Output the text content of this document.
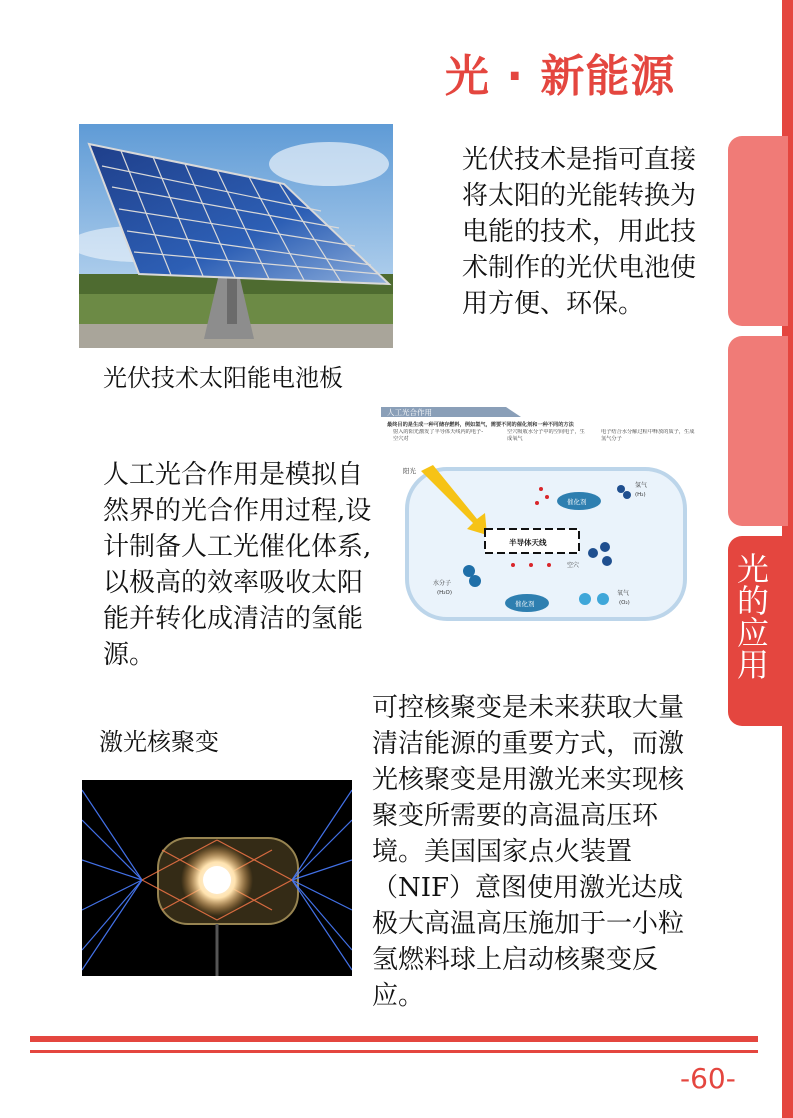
光的应用
光 · 新能源
光伏技术是指可直接将太阳的光能转换为电能的技术，用此技术制作的光伏电池使用方便、环保。
光伏技术太阳能电池板
人工光合作用
最终目的是生成一种可储存燃料，例如氢气，需要不同的催化剂和一种不同的方法
射入的阳光激发了半导体天线内的电子-空穴对
空穴吸收水分子中的空间电子，生成氧气
电子结合水分解过程中释放的质子，生成氢气分子
阳光
半导体天线
催化剂
催化剂
氢气
(H₂)
空穴
水分子
(H₂O)	氧气
(O₂)
人工光合作用是模拟自然界的光合作用过程,设计制备人工光催化体系,以极高的效率吸收太阳能并转化成清洁的氢能源。
激光核聚变
可控核聚变是未来获取大量清洁能源的重要方式，而激光核聚变是用激光来实现核聚变所需要的高温高压环境。美国国家点火装置（NIF）意图使用激光达成极大高温高压施加于一小粒氢燃料球上启动核聚变反应。
-60-
